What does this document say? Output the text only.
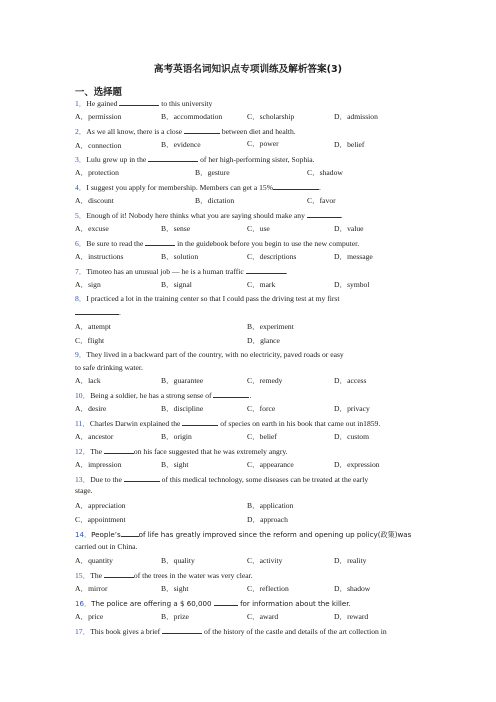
高考英语名词知识点专项训练及解析答案(3)
一、选择题
1．He gained	to this university
A．permission	B．accommodation	C．scholarship	D．admission
2．As we all know, there is a close	between diet and health.
A．connection	B．evidence	C．power	D．belief
3．Lulu grew up in the	of her high-performing sister, Sophia.
A．protection	B．gesture	C．shadow
4．I suggest you apply for membership. Members can get a 15%	.
A．discount	B．dictation	C．favor
5．Enough of it! Nobody here thinks what you are saying should make any	.
A．excuse	B．sense	C．use	D．value
6．Be sure to read the	in the guidebook before you begin to use the new computer.
A．instructions	B．solution	C．descriptions	D．message
7．Timoteo has an unusual job — he is a human traffic	.
A．sign	B．signal	C．mark	D．symbol
8．I practiced a lot in the training center so that I could pass the driving test at my first
.
A．attempt	B．experiment
C．flight	D．glance
9．They lived in a backward part of the country, with no electricity, paved roads or easy
to safe drinking water.
A．lack	B．guarantee	C．remedy	D．access
10．Being a soldier, he has a strong sense of	.
A．desire	B．discipline	C．force	D．privacy
11．Charles Darwin explained the	of species on earth in his book that came out in1859.
A．ancestor	B．origin	C．belief	D．custom
12．The	on his face suggested that he was extremely angry.
A．impression	B．sight	C．appearance	D．expression
13．Due to the	of this medical technology, some diseases can be treated at the early
stage.
A．appreciation	B．application
C．appointment	D．approach
14．People’s	of life has greatly improved since the reform and opening up policy(政策)was
carried out in China.
A．quantity	B．quality	C．activity	D．reality
15．The	of the trees in the water was very clear.
A．mirror	B．sight	C．reflection	D．shadow
16．The police are offering a $ 60,000	for information about the killer.
A．price	B．prize	C．award	D．reward
17．This book gives a brief	of the history of the castle and details of the art collection in
